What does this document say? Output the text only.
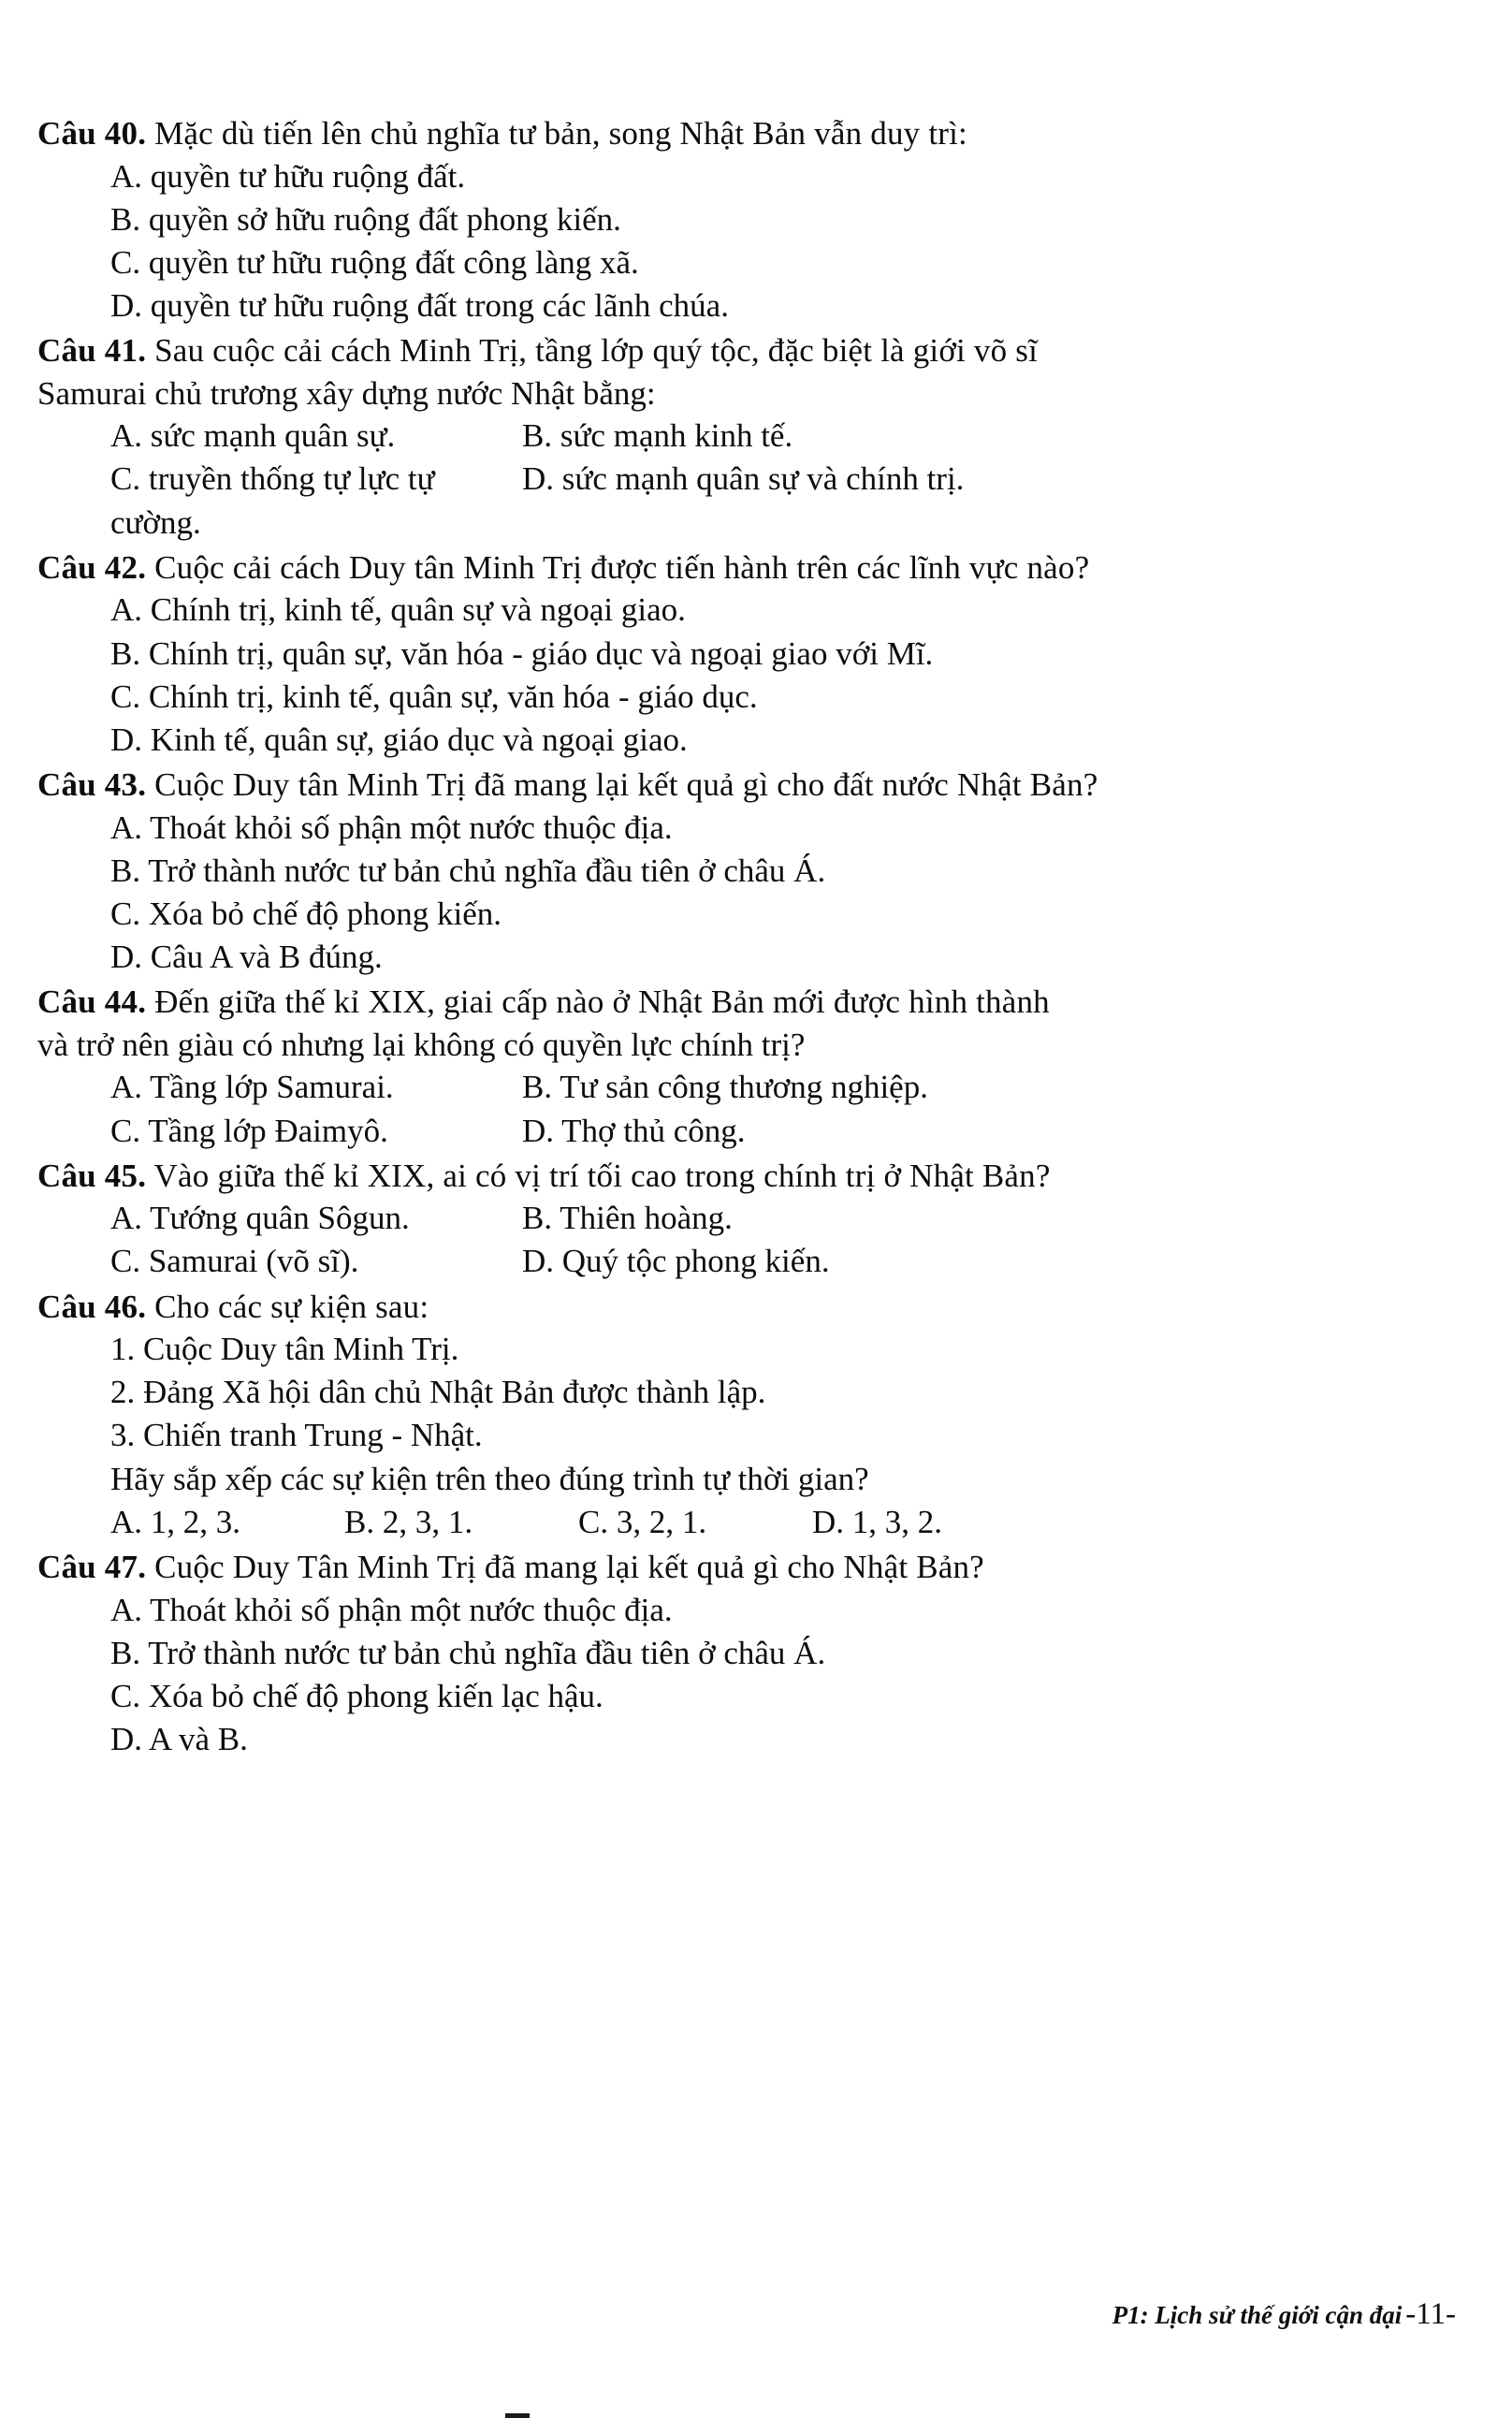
Câu 40. Mặc dù tiến lên chủ nghĩa tư bản, song Nhật Bản vẫn duy trì:
A. quyền tư hữu ruộng đất.
B. quyền sở hữu ruộng đất phong kiến.
C. quyền tư hữu ruộng đất công làng xã.
D. quyền tư hữu ruộng đất trong các lãnh chúa.
Câu 41. Sau cuộc cải cách Minh Trị, tầng lớp quý tộc, đặc biệt là giới võ sĩ
Samurai chủ trương xây dựng nước Nhật bằng:
A. sức mạnh quân sự.	B. sức mạnh kinh tế.
C. truyền thống tự lực tự cường.
D. sức mạnh quân sự và chính trị.
Câu 42. Cuộc cải cách Duy tân Minh Trị được tiến hành trên các lĩnh vực nào?
A. Chính trị, kinh tế, quân sự và ngoại giao.
B. Chính trị, quân sự, văn hóa - giáo dục và ngoại giao với Mĩ.
C. Chính trị, kinh tế, quân sự, văn hóa - giáo dục.
D. Kinh tế, quân sự, giáo dục và ngoại giao.
Câu 43. Cuộc Duy tân Minh Trị đã mang lại kết quả gì cho đất nước Nhật Bản?
A. Thoát khỏi số phận một nước thuộc địa.
B. Trở thành nước tư bản chủ nghĩa đầu tiên ở châu Á.
C. Xóa bỏ chế độ phong kiến.
D. Câu A và B đúng.
Câu 44. Đến giữa thế kỉ XIX, giai cấp nào ở Nhật Bản mới được hình thành
và trở nên giàu có nhưng lại không có quyền lực chính trị?
A. Tầng lớp Samurai.	B. Tư sản công thương nghiệp.
C. Tầng lớp Đaimyô.	D. Thợ thủ công.
Câu 45. Vào giữa thế kỉ XIX, ai có vị trí tối cao trong chính trị ở Nhật Bản?
A. Tướng quân Sôgun.	B. Thiên hoàng.
C. Samurai (võ sĩ).	D. Quý tộc phong kiến.
Câu 46. Cho các sự kiện sau:
1. Cuộc Duy tân Minh Trị.
2. Đảng Xã hội dân chủ Nhật Bản được thành lập.
3. Chiến tranh Trung - Nhật.
Hãy sắp xếp các sự kiện trên theo đúng trình tự thời gian?
A. 1, 2, 3.	B. 2, 3, 1.	C. 3, 2, 1.	D. 1, 3, 2.
Câu 47. Cuộc Duy Tân Minh Trị đã mang lại kết quả gì cho Nhật Bản?
A. Thoát khỏi số phận một nước thuộc địa.
B. Trở thành nước tư bản chủ nghĩa đầu tiên ở châu Á.
C. Xóa bỏ chế độ phong kiến lạc hậu.
D. A và B.
P1: Lịch sử thế giới cận đại -11-
